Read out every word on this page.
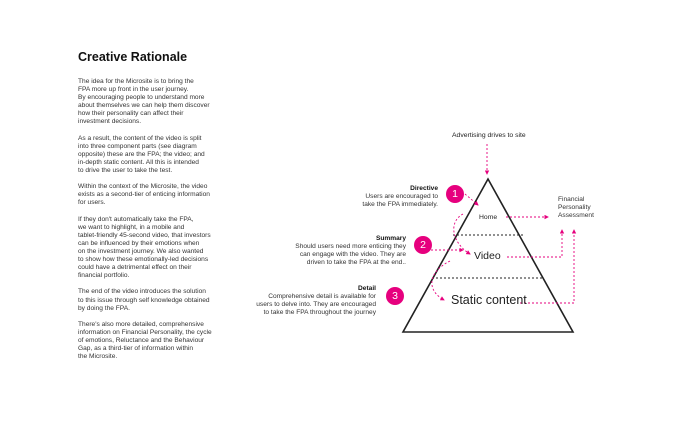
Creative Rationale

The idea for the Microsite is to bring the
FPA more up front in the user journey.
By encouraging people to understand more
about themselves we can help them discover
how their personality can affect their
investment decisions.

As a result, the content of the video is split
into three component parts (see diagram
opposite) these are the FPA; the video; and
in-depth static content. All this is intended
to drive the user to take the test.

Within the context of the Microsite, the video
exists as a second-tier of enticing information
for users.

If they don't automatically take the FPA,
we want to highlight, in a mobile and
tablet-friendly 45-second video, that investors
can be influenced by their emotions when
on the investment journey. We also wanted
to show how these emotionally-led decisions
could have a detrimental effect on their
financial portfolio.

The end of the video introduces the solution
to this issue through self knowledge obtained
by doing the FPA.

There's also more detailed, comprehensive
information on Financial Personality, the cycle
of emotions, Reluctance and the Behaviour
Gap, as a third-tier of information within
the Microsite.

Advertising drives to site
Home
Video
Static content
Financial
Personality
Assessment
Directive
Users are encouraged to
take the FPA immediately.
1
Summary
Should users need more enticing they
can engage with the video. They are
driven to take the FPA at the end..
2
Detail
Comprehensive detail is available for
users to delve into. They are encouraged
to take the FPA throughout the journey
3
